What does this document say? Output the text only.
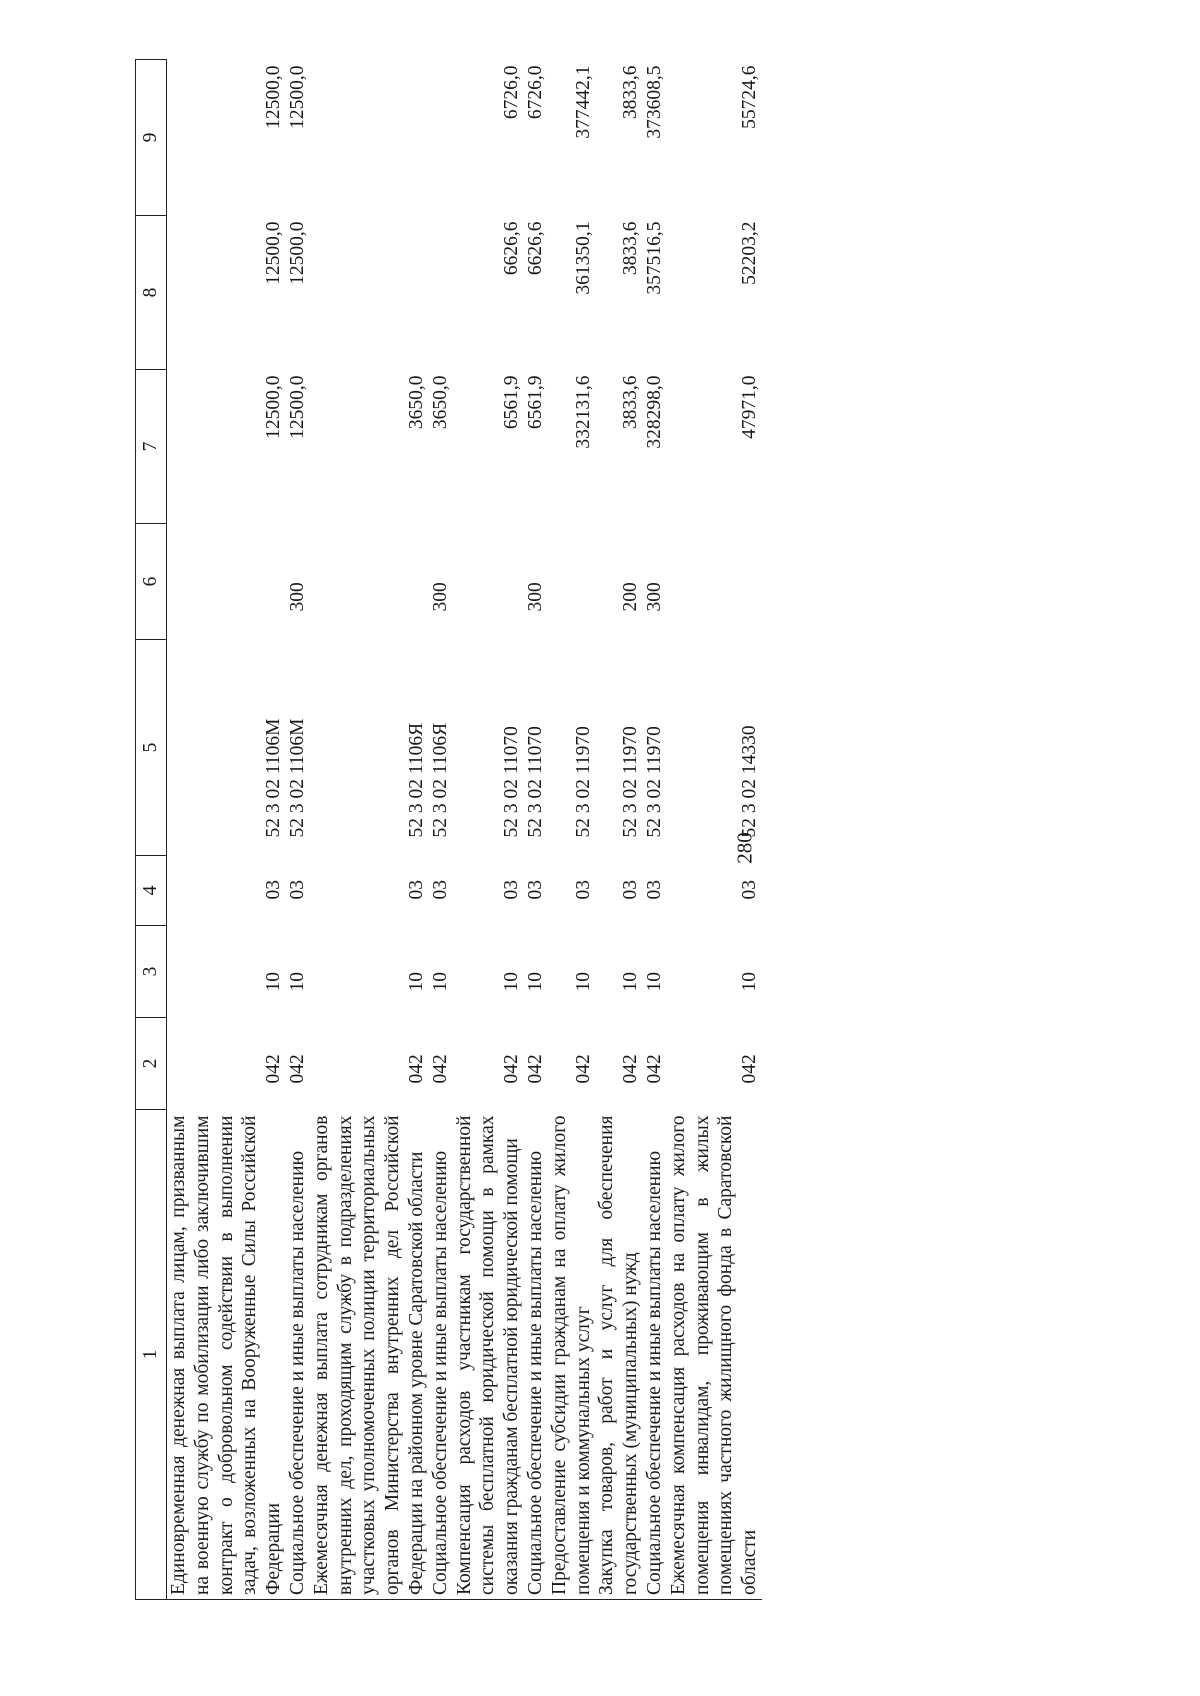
280
1	2	3	4	5	6	7	8	9
Единовременная денежная выплата лицам, призванным на военную службу по мобилизации либо заключившим контракт о добровольном содействии в выполнении задач, возложенных на Вооруженные Силы Российской Федерации	042	10	03	52 3 02 1106М		12500,0	12500,0	12500,0
Социальное обеспечение и иные выплаты населению	042	10	03	52 3 02 1106М	300	12500,0	12500,0	12500,0
Ежемесячная денежная выплата сотрудникам органов внутренних дел, проходящим службу в подразделениях участковых уполномоченных полиции территориальных органов Министерства внутренних дел Российской Федерации на районном уровне Саратовской области	042	10	03	52 3 02 1106Я		3650,0		
Социальное обеспечение и иные выплаты населению	042	10	03	52 3 02 1106Я	300	3650,0		
Компенсация расходов участникам государственной системы бесплатной юридической помощи в рамках оказания гражданам бесплатной юридической помощи	042	10	03	52 3 02 11070		6561,9	6626,6	6726,0
Социальное обеспечение и иные выплаты населению	042	10	03	52 3 02 11070	300	6561,9	6626,6	6726,0
Предоставление субсидии гражданам на оплату жилого помещения и коммунальных услуг	042	10	03	52 3 02 11970		332131,6	361350,1	377442,1
Закупка товаров, работ и услуг для обеспечения государственных (муниципальных) нужд	042	10	03	52 3 02 11970	200	3833,6	3833,6	3833,6
Социальное обеспечение и иные выплаты населению	042	10	03	52 3 02 11970	300	328298,0	357516,5	373608,5
Ежемесячная компенсация расходов на оплату жилого помещения инвалидам, проживающим в жилых помещениях частного жилищного фонда в Саратовской области	042	10	03	52 3 02 14330		47971,0	52203,2	55724,6
